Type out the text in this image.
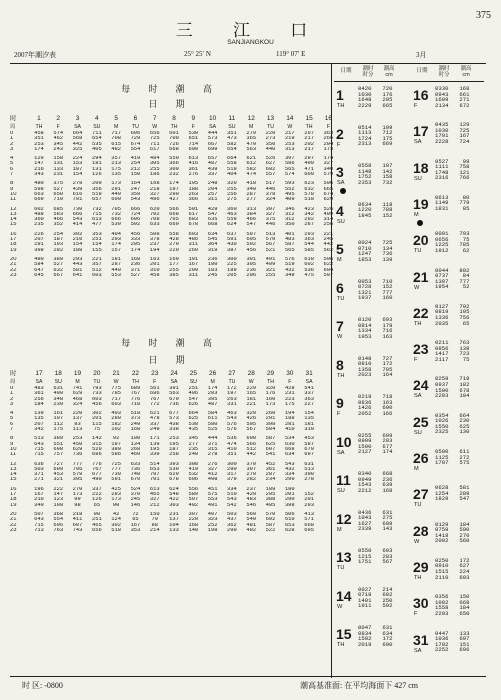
375
三 江 口
SANJIANGKOU
2007年潮汐表	25° 25′ N	119° 07′ E	3月
每 时 潮 高
日 期
时	1	2	3	4	5	6	7	8	9	10	11	12	13	14	15	16
周	TH	F	SA	SU	M	TU	W	TH	F	SA	SU	M	TU	W	TH	F
0	458	574	664	711	717	696	656	601	530	444	351	270	220	217	267	363
1	351	462	568	654	708	729	725	700	651	573	473	365	273	219	217	266
2	253	345	442	535	615	674	711	726	714	667	582	470	350	253	202	204
3	174	243	325	405	482	554	617	668	699	699	654	563	440	313	217	173

4	129	158	224	294	357	419	484	550	613	657	664	621	526	397	297	174
5	147	131	153	181	213	254	305	366	416	487	558	612	627	586	490	327
6	216	133	107	131	175	212	255	300	361	439	519	582	602	565	471	340
7	343	231	154	126	135	150	186	232	276	337	404	474	557	574	600	579

8	480	375	278	209	173	164	168	174	195	248	320	418	517	593	623	596
9	598	527	439	356	291	247	218	197	188	204	255	340	446	552	632	665
10	663	650	616	519	449	359	327	290	263	257	256	287	378	495	578	674
11	669	710	701	657	600	543	486	427	366	311	275	277	324	409	518	629

12	602	685	730	732	705	666	620	566	501	429	360	313	307	346	423	526
13	488	583	666	715	732	724	702	668	617	547	463	384	327	312	342	409
14	360	466	543	613	666	696	708	705	683	635	559	466	375	312	292	314
15	235	352	414	477	539	592	633	669	678	668	624	547	446	350	287	256

16	226	254	302	353	404	456	508	558	603	634	637	597	513	401	293	221
17	207	187	210	251	293	333	378	428	486	545	591	605	570	483	363	245
18	291	193	154	154	174	205	237	270	311	364	430	502	567	587	544	442
19	398	282	188	155	157	174	194	220	260	319	387	456	521	565	585	562

20	480	389	293	221	181	168	163	169	191	236	300	391	491	576	618	596
21	584	527	443	357	287	236	201	177	167	180	225	305	409	519	602	622
22	647	632	581	512	440	371	310	255	209	183	189	236	321	432	536	604
23	645	667	641	603	553	527	458	385	311	245	205	206	255	349	475	507
每 时 潮 高
日 期
时	17	18	19	20	21	22	23	24	25	26	27	28	29	30	31
周	SA	SU	M	TU	W	TH	F	SA	SU	M	TU	W	TH	F	SA
0	483	631	741	793	775	689	561	391	251	174	172	229	320	428	541
1	361	490	629	733	785	767	686	563	406	283	197	165	176	231	337
2	256	348	468	603	717	776	767	679	547	395	263	181	160	223	363
3	184	239	324	456	603	718	772	736	626	487	331	221	173	175	227

4	139	161	220	302	403	518	621	677	664	584	463	329	260	194	154
5	135	107	137	201	280	373	478	573	625	611	543	426	291	188	135
6	207	112	83	115	182	249	337	438	538	580	576	505	398	281	181
7	342	175	113	75	102	168	249	338	435	525	576	567	504	410	310

8	513	389	253	142	92	100	171	253	345	444	536	600	587	534	453
9	643	551	450	315	197	134	139	195	277	371	474	566	625	630	587
10	715	698	629	520	389	268	195	187	235	315	410	512	607	668	679
11	715	757	736	686	586	460	339	258	240	278	351	442	541	634	697

12	636	727	777	776	725	633	514	393	308	276	300	370	452	543	631
13	503	609	706	767	777	736	653	539	419	327	290	307	361	432	513
14	371	453	579	677	739	748	707	629	532	412	317	270	287	334	398
15	271	321	395	490	591	670	701	678	606	498	379	282	234	299	278

16	196	222	270	337	425	524	613	624	556	451	334	237	189	180	
17	167	147	173	222	283	370	465	548	589	575	510	420	295	201	152
18	210	123	99	126	173	245	327	422	507	553	543	483	388	290	201
19	340	198	98	65	90	146	212	303	402	491	542	546	485	398	293

20	507	368	218	98	42	72	150	231	307	407	503	560	570	506	413
21	643	554	411	251	124	65	79	137	220	323	437	540	602	610	571
22	715	696	607	465	302	167	88	104	168	252	362	481	587	653	668
23	713	763	743	656	518	353	214	133	140	198	290	402	522	628	695
日期	潮时
时分
潮高
cm
日期	潮时
时分
潮高
cm
1
TH
0420 720
1030 176
1648 205
2229 665
2
F
0514 109
1113 712
1724 175
2313 669
3
SA
0558 107
1148 142
1752 158
2353 732
4
SU
0634 118
1220 788
1845 152
5
M
0024 725
0710 134
1247 736
1853 139
6
TU
0053 710
0728 152
1321 777
1937 160
7
W
0120 693
0814 179
1334 716
1953 163
8
TH
0148 727
0810 172
1358 705
2023 164
9
F
0219 718
0836 163
1426 690
2052 166
10
SA
0255 699
0909 203
1500 677
2127 174
11
SU
0340 668
0949 236
1543 639
2212 168
12
M
0436 631
1043 275
1627 608
2339 143
13
TU
0550 603
1215 283
1751 567
14
W
0027 214
0718 602
1401 250
1911 592
15
TH
0047 631
0834 634
1502 172
2019 690
16
F
0330 168
0943 661
1609 271
2134 672
17
SA
0435 129
1030 725
1701 167
2228 724
18
SU
0527	99
1111 758
1748 121
2316 766
19
M
0613	80
1149 779
1831	85
20
TU
0001 793
0656	75
1225 785
1912	62
21
W
0044 802
0737	84
1307 777
1954	52
22
TH
0127 792
0819 105
1336 756
2035	65
23
F
0211 763
0856 138
1417 723
2117	75
24
SA
0259 719
0937 182
1500 678
2203 104
25
SU
0354 664
1026 230
1550 625
2325 130
26
M
0500 611
1125 272
1707 575
27
TU
0628 581
1254 289
1829 547
28
W
0129 184
0759 590
1418 270
2002 560
29
TH
0250 172
0910 627
1515 224
2110 603
30
F
0356 150
1002 668
1558 184
2203 650
31
SA
0447 133
1036 697
1702 151
2252 696
时 区: -0800	潮高基准面: 在平均海面下 427 cm
